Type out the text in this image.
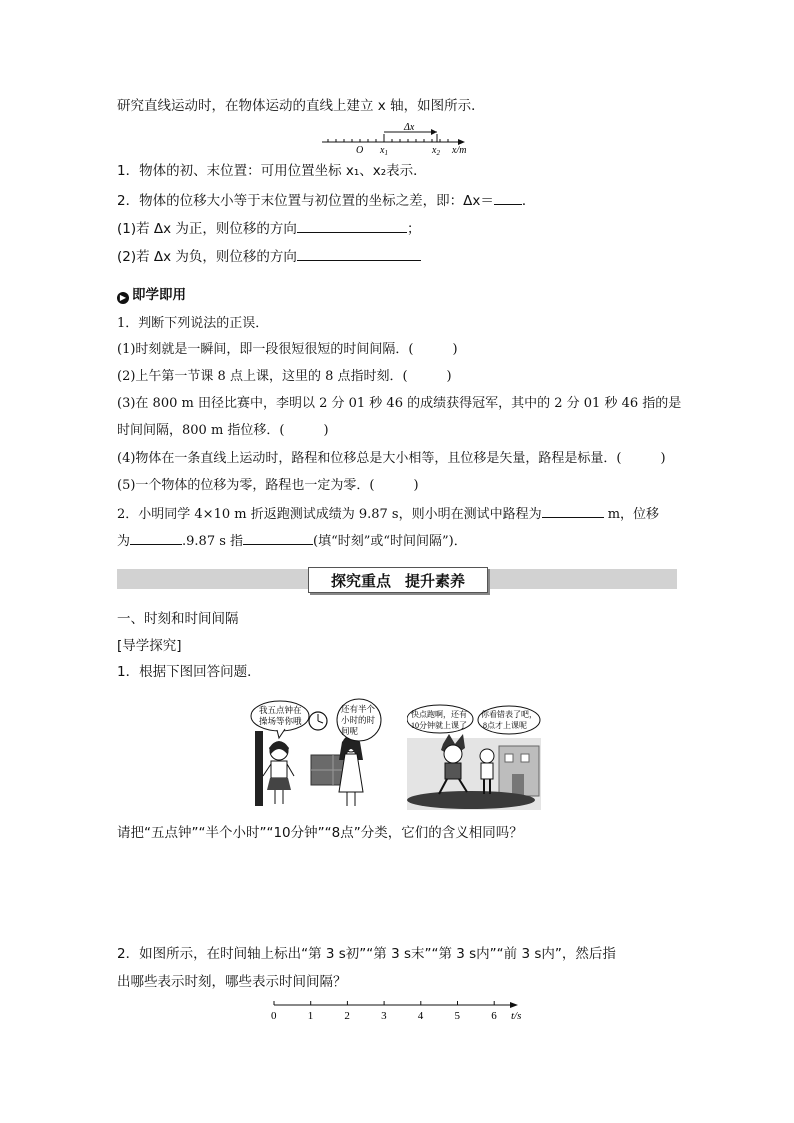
研究直线运动时，在物体运动的直线上建立 x 轴，如图所示．
Δx
O $x_1$	$x_2$ x/m
1．物体的初、末位置：可用位置坐标 x₁、x₂表示．
2．物体的位移大小等于末位置与初位置的坐标之差，即：Δx＝ ．
(1)若 Δx 为正，则位移的方向	；
(2)若 Δx 为负，则位移的方向
▶ 即学即用
1．判断下列说法的正误．
(1)时刻就是一瞬间，即一段很短很短的时间间隔．(　　　)
(2)上午第一节课 8 点上课，这里的 8 点指时刻．(　　　)
(3)在 800 m 田径比赛中，李明以 2 分 01 秒 46 的成绩获得冠军，其中的 2 分 01 秒 46 指的是
时间间隔，800 m 指位移．(　　　)
(4)物体在一条直线上运动时，路程和位移总是大小相等，且位移是矢量，路程是标量．(　　　)
(5)一个物体的位移为零，路程也一定为零．(　　　)
2．小明同学 4×10 m 折返跑测试成绩为 9.87 s，则小明在测试中路程为	m，位移
为	.9.87 s 指	(填“时刻”或“时间间隔”)．
探究重点 提升素养
一、时刻和时间间隔
[导学探究]
1．根据下图回答问题．
我五点钟在
操场等你哦
还有半个
小时的时
间呢
快点跑啊，还有
10分钟就上课了
你看错表了吧，
8点才上课呢
请把“五点钟”“半个小时”“10分钟”“8点”分类，它们的含义相同吗？
2．如图所示，在时间轴上标出“第 3 s初”“第 3 s末”“第 3 s内”“前 3 s内”，然后指
出哪些表示时刻，哪些表示时间间隔？
0	1	2	3	4	5	6 t/s
